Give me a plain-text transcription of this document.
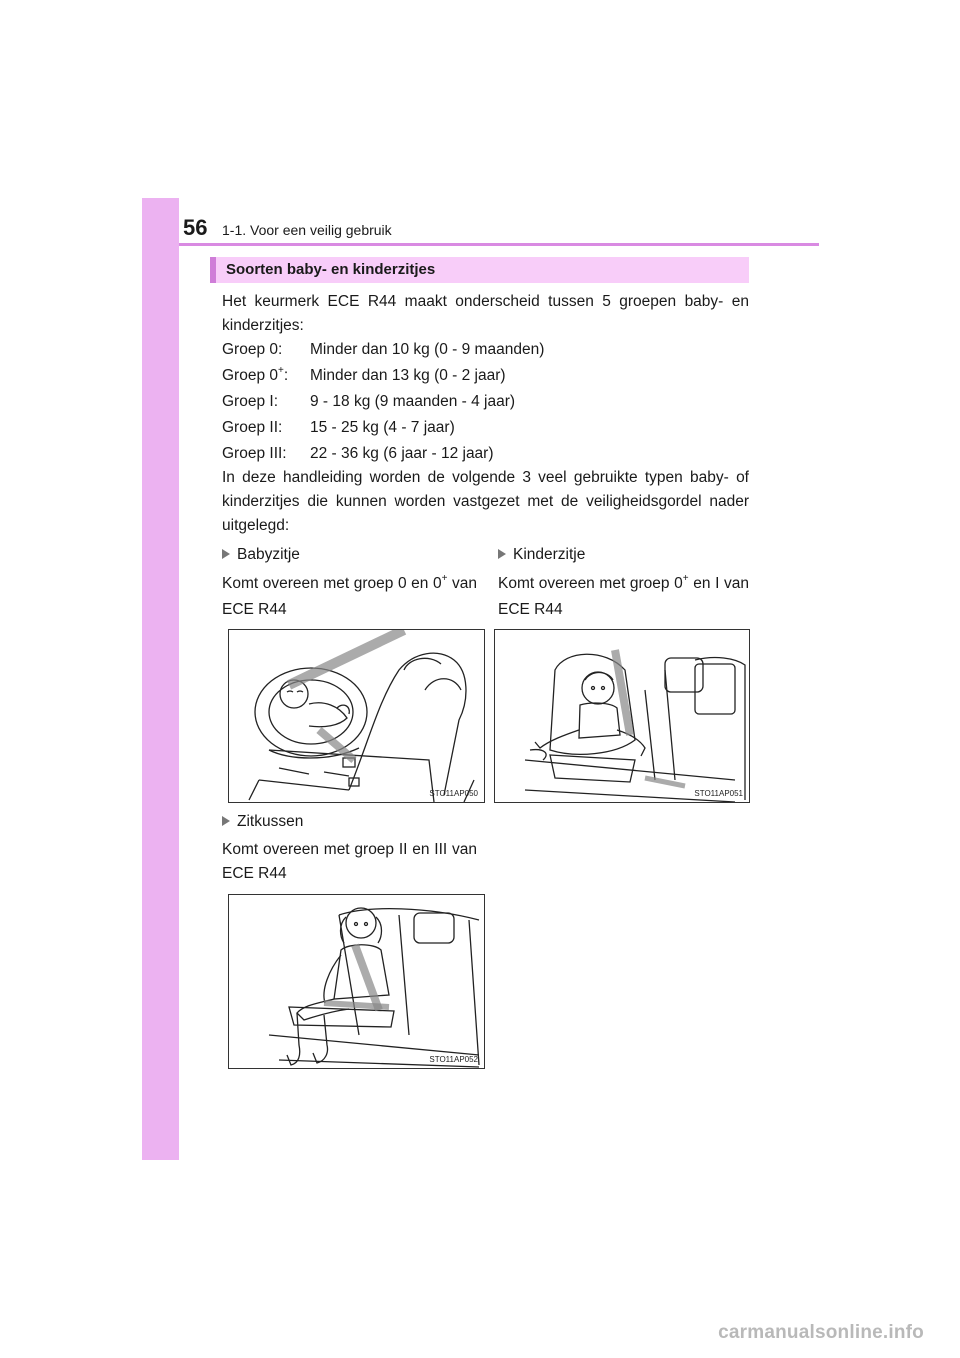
56 1-1. Voor een veilig gebruik
Soorten baby- en kinderzitjes

Het keurmerk ECE R44 maakt onderscheid tussen 5 groepen baby- en kinderzitjes:

Groep 0: Minder dan 10 kg (0 - 9 maanden)
Groep 0+: Minder dan 13 kg (0 - 2 jaar)
Groep I: 9 - 18 kg (9 maanden - 4 jaar)
Groep II: 15 - 25 kg (4 - 7 jaar)
Groep III: 22 - 36 kg (6 jaar - 12 jaar)

In deze handleiding worden de volgende 3 veel gebruikte typen baby- of kinderzitjes die kunnen worden vastgezet met de veiligheidsgordel nader uitgelegd:

Babyzitje

Komt overeen met groep 0 en 0+ van ECE R44

Kinderzitje

Komt overeen met groep 0+ en I van ECE R44

STO11AP050	STO11AP051
Zitkussen

Komt overeen met groep II en III van ECE R44

STO11AP052
carmanualsonline.info
